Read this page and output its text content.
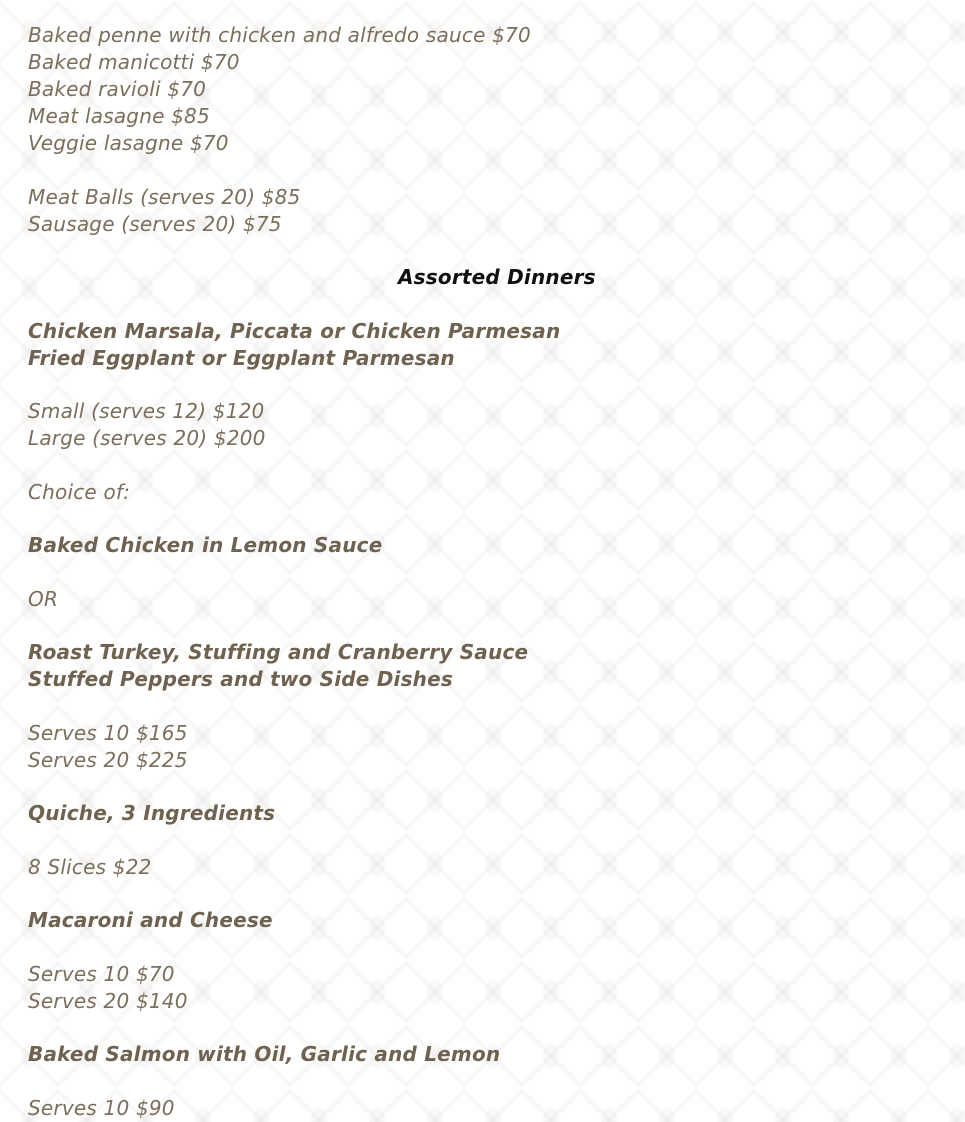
Baked penne with chicken and alfredo sauce $70
Baked manicotti $70
Baked ravioli $70
Meat lasagne $85
Veggie lasagne $70
Meat Balls (serves 20) $85
Sausage (serves 20) $75
Assorted Dinners
Chicken Marsala, Piccata or Chicken Parmesan
Fried Eggplant or Eggplant Parmesan
Small (serves 12) $120
Large (serves 20) $200
Choice of:
Baked Chicken in Lemon Sauce
OR
Roast Turkey, Stuffing and Cranberry Sauce
Stuffed Peppers and two Side Dishes
Serves 10 $165
Serves 20 $225
Quiche, 3 Ingredients
8 Slices $22
Macaroni and Cheese
Serves 10 $70
Serves 20 $140
Baked Salmon with Oil, Garlic and Lemon
Serves 10 $90
